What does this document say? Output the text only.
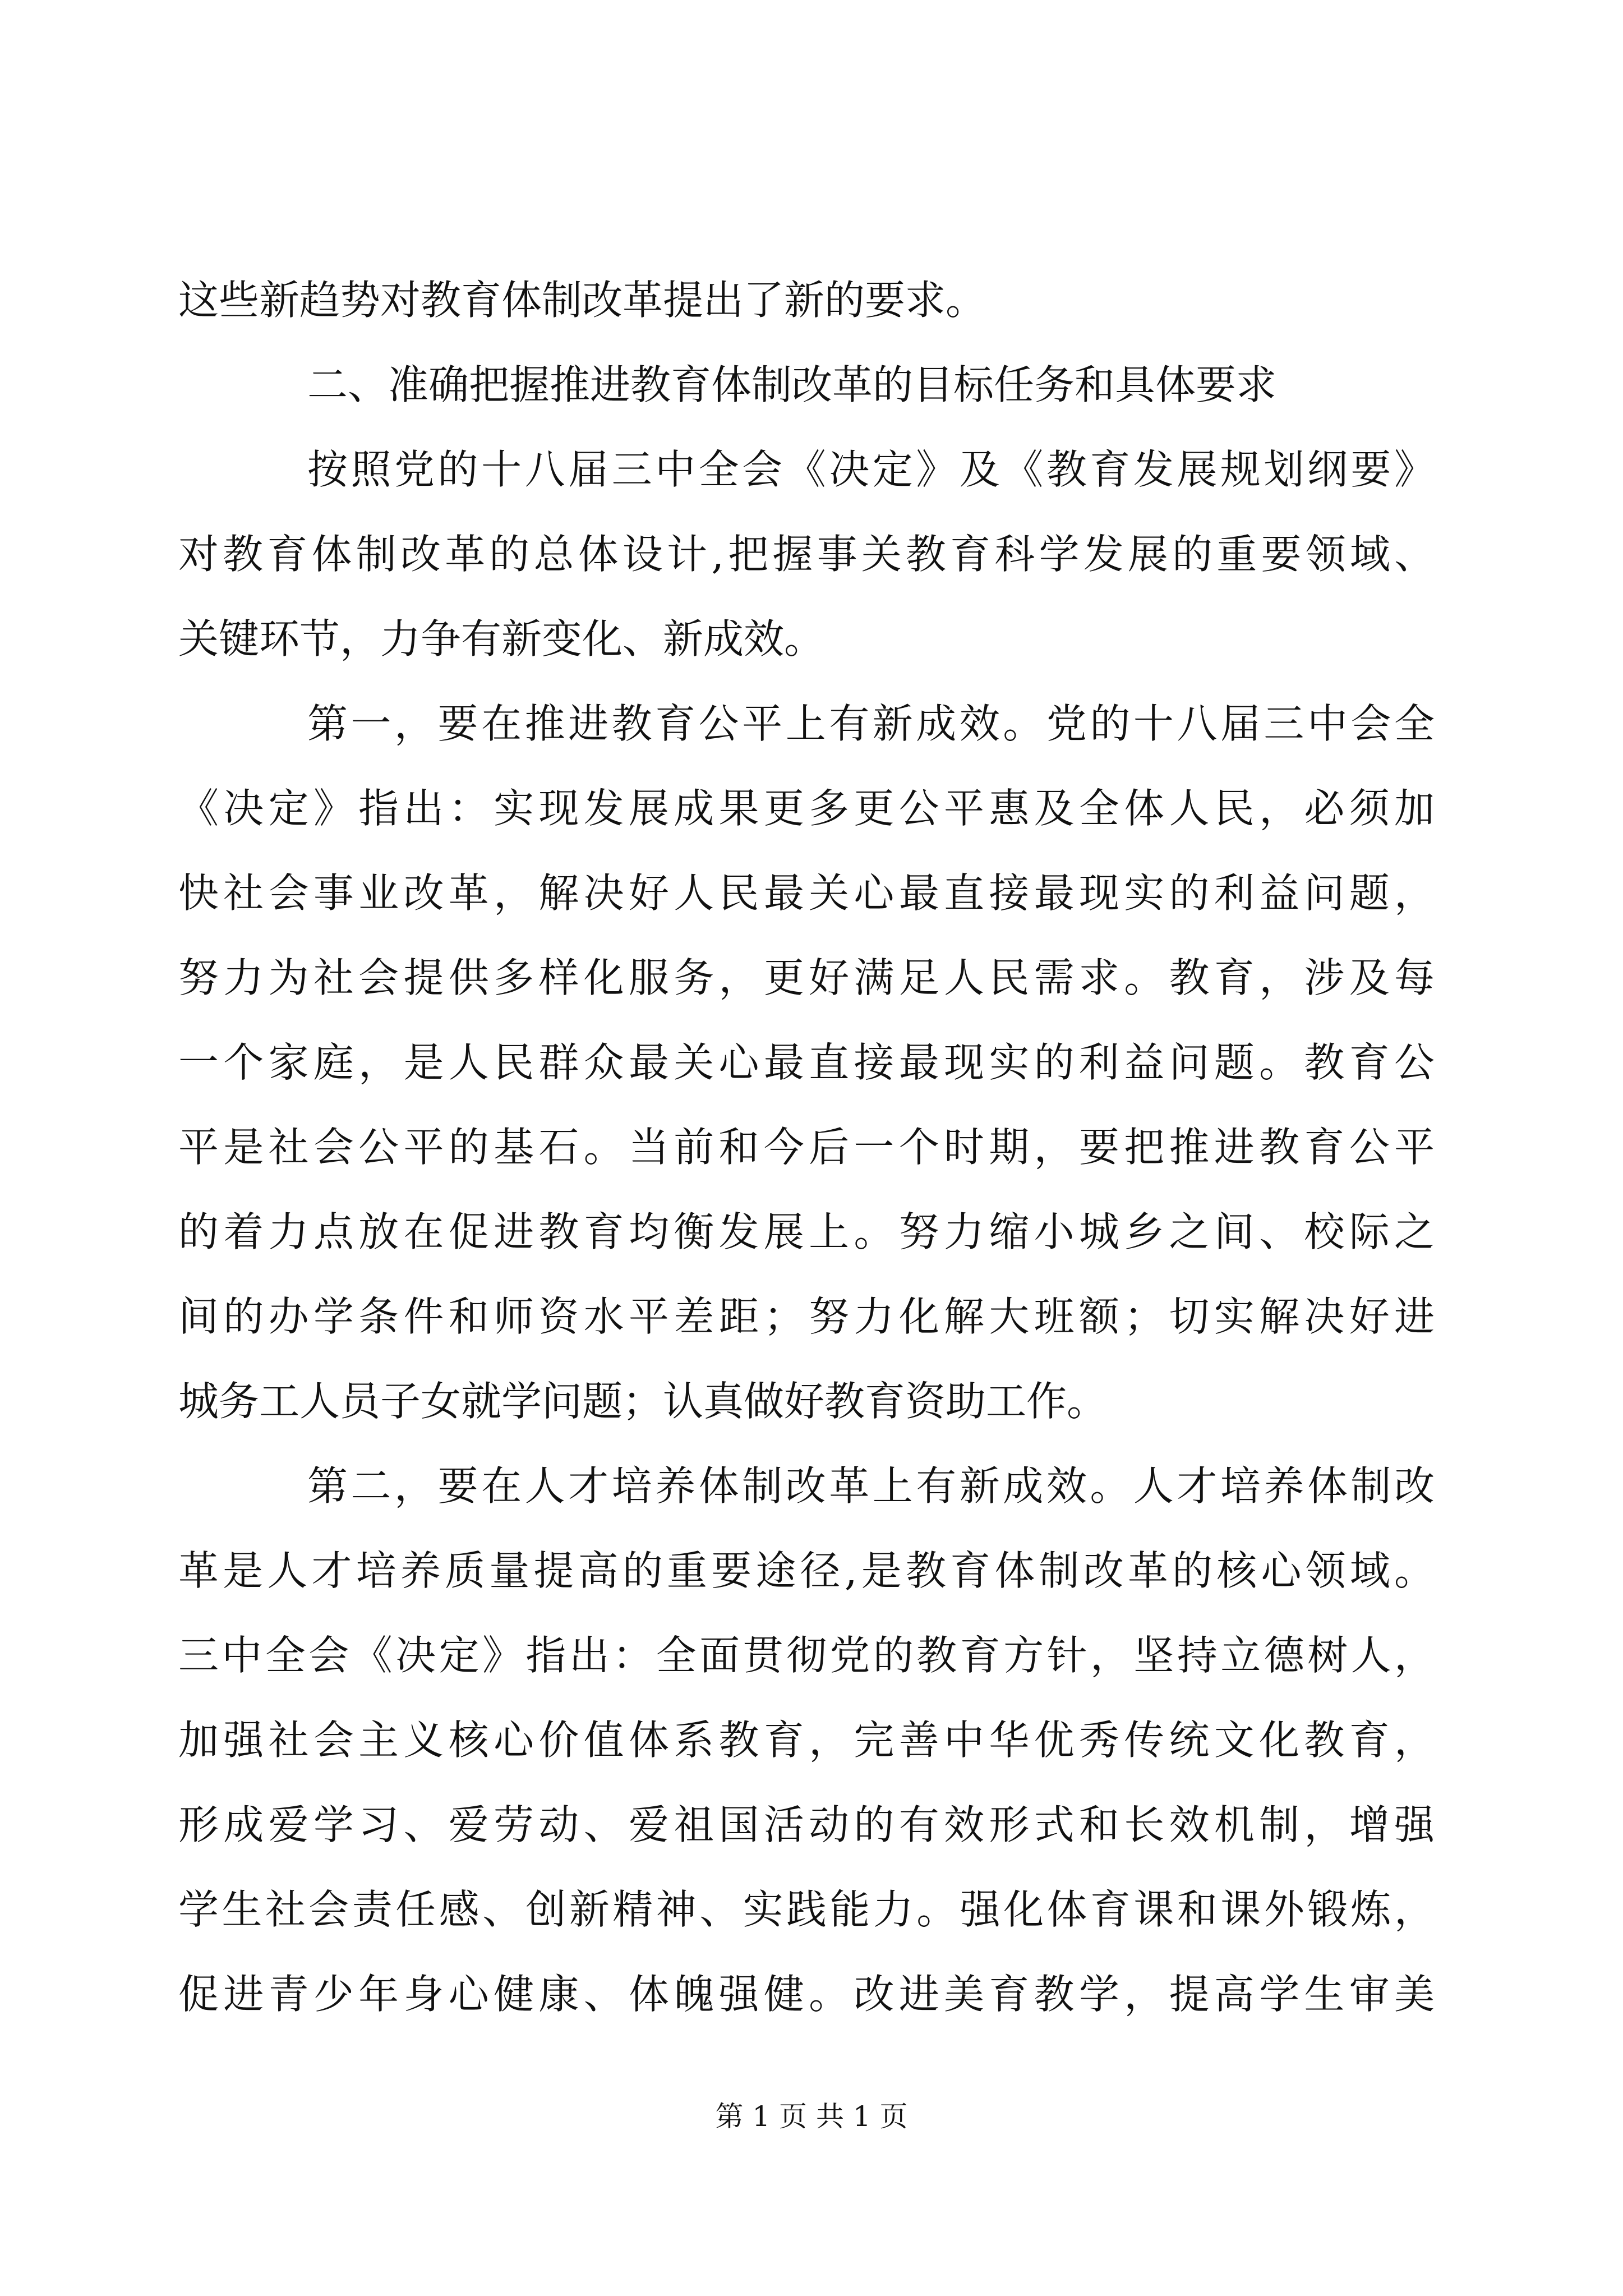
这些新趋势对教育体制改革提出了新的要求。
二、准确把握推进教育体制改革的目标任务和具体要求
按照党的十八届三中全会《决定》及《教育发展规划纲要》
对教育体制改革的总体设计,把握事关教育科学发展的重要领域、
关键环节，力争有新变化、新成效。
第一，要在推进教育公平上有新成效。党的十八届三中会全
《决定》指出：实现发展成果更多更公平惠及全体人民，必须加
快社会事业改革，解决好人民最关心最直接最现实的利益问题，
努力为社会提供多样化服务，更好满足人民需求。教育，涉及每
一个家庭，是人民群众最关心最直接最现实的利益问题。教育公
平是社会公平的基石。当前和今后一个时期，要把推进教育公平
的着力点放在促进教育均衡发展上。努力缩小城乡之间、校际之
间的办学条件和师资水平差距；努力化解大班额；切实解决好进
城务工人员子女就学问题；认真做好教育资助工作。
第二，要在人才培养体制改革上有新成效。人才培养体制改
革是人才培养质量提高的重要途径,是教育体制改革的核心领域。
三中全会《决定》指出：全面贯彻党的教育方针，坚持立德树人，
加强社会主义核心价值体系教育，完善中华优秀传统文化教育，
形成爱学习、爱劳动、爱祖国活动的有效形式和长效机制，增强
学生社会责任感、创新精神、实践能力。强化体育课和课外锻炼，
促进青少年身心健康、体魄强健。改进美育教学，提高学生审美
第 1 页 共 1 页
